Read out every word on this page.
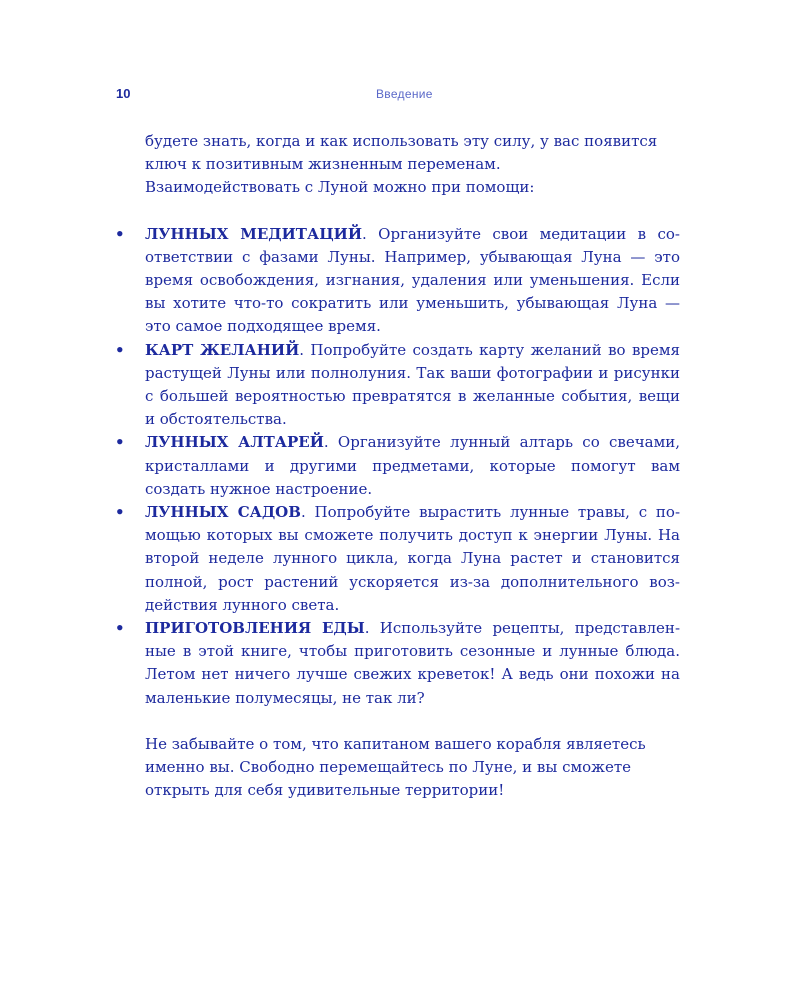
10	Введение

будете знать, когда и как использовать эту силу, у вас появится
ключ к позитивным жизненным переменам.
Взаимодействовать с Луной можно при помощи:

• ЛУННЫХ МЕДИТАЦИЙ. Организуйте свои медитации в соответствии с фазами Луны. Например, убывающая Луна — это время освобождения, изгнания, удаления или уменьшения. Если вы хотите что-то сократить или уменьшить, убывающая Луна — это самое подходящее время.
• КАРТ ЖЕЛАНИЙ. Попробуйте создать карту желаний во время растущей Луны или полнолуния. Так ваши фотографии и рисунки с большей вероятностью превратятся в желанные события, вещи и обстоятельства.
• ЛУННЫХ АЛТАРЕЙ. Организуйте лунный алтарь со свечами, кристаллами и другими предметами, которые помогут вам создать нужное настроение.
• ЛУННЫХ САДОВ. Попробуйте вырастить лунные травы, с помощью которых вы сможете получить доступ к энергии Луны. На второй неделе лунного цикла, когда Луна растет и становится полной, рост растений ускоряется из-за дополнительного воздействия лунного света.
• ПРИГОТОВЛЕНИЯ ЕДЫ. Используйте рецепты, представленные в этой книге, чтобы приготовить сезонные и лунные блюда. Летом нет ничего лучше свежих креветок! А ведь они похожи на маленькие полумесяцы, не так ли?

Не забывайте о том, что капитаном вашего корабля являетесь
именно вы. Свободно перемещайтесь по Луне, и вы сможете
открыть для себя удивительные территории!
